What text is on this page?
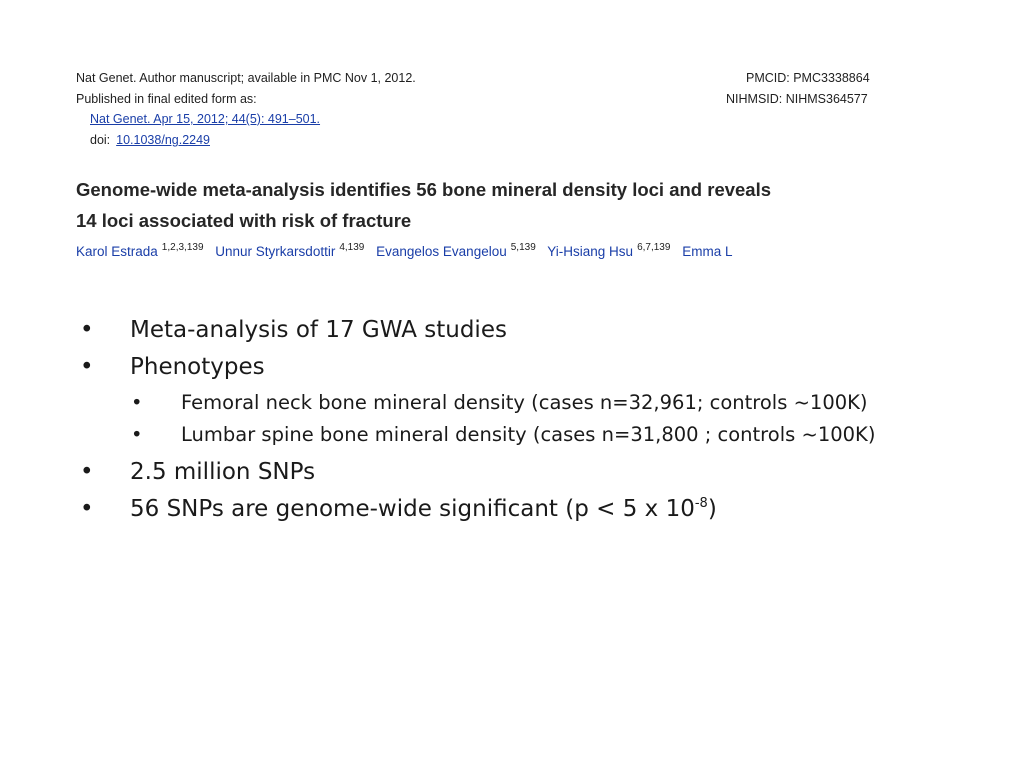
Nat Genet. Author manuscript; available in PMC Nov 1, 2012.
Published in final edited form as:
Nat Genet. Apr 15, 2012; 44(5): 491–501.
doi: 10.1038/ng.2249
PMCID: PMC3338864
NIHMSID: NIHMS364577
Genome-wide meta-analysis identifies 56 bone mineral density loci and reveals
14 loci associated with risk of fracture
Karol Estrada $^{1,2,3,139}$ Unnur Styrkarsdottir $^{4,139}$ Evangelos Evangelou $^{5,139}$ Yi-Hsiang Hsu $^{6,7,139}$ Emma L

• Meta-analysis of 17 GWA studies

• Phenotypes

• Femoral neck bone mineral density (cases n=32,961; controls ~100K)

• Lumbar spine bone mineral density (cases n=31,800 ; controls ~100K)

• 2.5 million SNPs

• 56 SNPs are genome-wide significant (p < 5 x $10^{-8}$)
